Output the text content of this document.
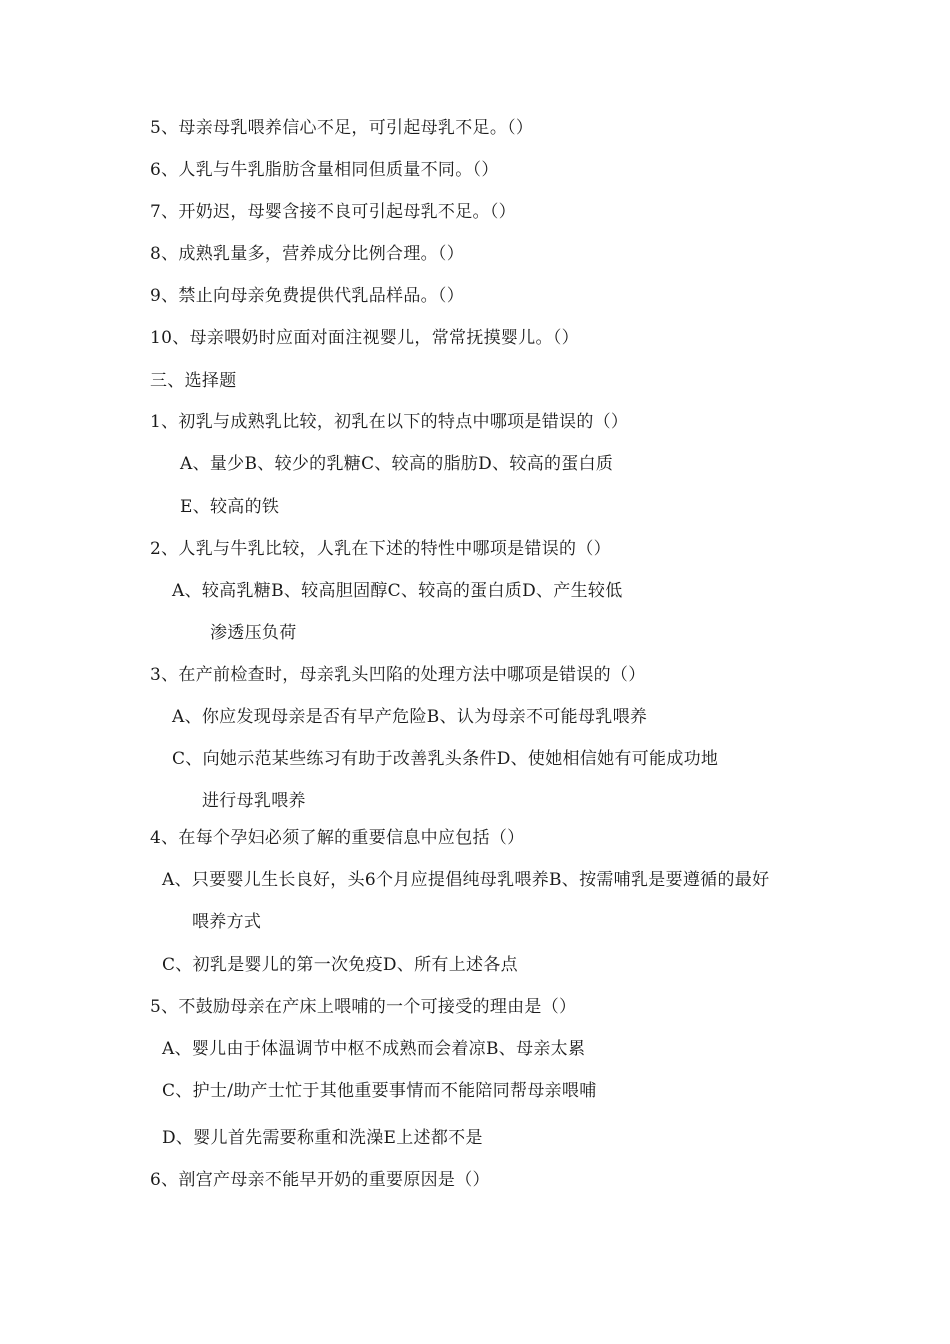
5、母亲母乳喂养信心不足，可引起母乳不足。（）
6、人乳与牛乳脂肪含量相同但质量不同。（）
7、开奶迟，母婴含接不良可引起母乳不足。（）
8、成熟乳量多，营养成分比例合理。（）
9、禁止向母亲免费提供代乳品样品。（）
10、母亲喂奶时应面对面注视婴儿，常常抚摸婴儿。（）
三、选择题
1、初乳与成熟乳比较，初乳在以下的特点中哪项是错误的（）
A、量少B、较少的乳糖C、较高的脂肪D、较高的蛋白质
E、较高的铁
2、人乳与牛乳比较，人乳在下述的特性中哪项是错误的（）
A、较高乳糖B、较高胆固醇C、较高的蛋白质D、产生较低
渗透压负荷
3、在产前检查时，母亲乳头凹陷的处理方法中哪项是错误的（）
A、你应发现母亲是否有早产危险B、认为母亲不可能母乳喂养
C、向她示范某些练习有助于改善乳头条件D、使她相信她有可能成功地
进行母乳喂养
4、在每个孕妇必须了解的重要信息中应包括（）
A、只要婴儿生长良好，头6个月应提倡纯母乳喂养B、按需哺乳是要遵循的最好
喂养方式
C、初乳是婴儿的第一次免疫D、所有上述各点
5、不鼓励母亲在产床上喂哺的一个可接受的理由是（）
A、婴儿由于体温调节中枢不成熟而会着凉B、母亲太累
C、护士/助产士忙于其他重要事情而不能陪同帮母亲喂哺
D、婴儿首先需要称重和洗澡E上述都不是
6、剖宫产母亲不能早开奶的重要原因是（）
